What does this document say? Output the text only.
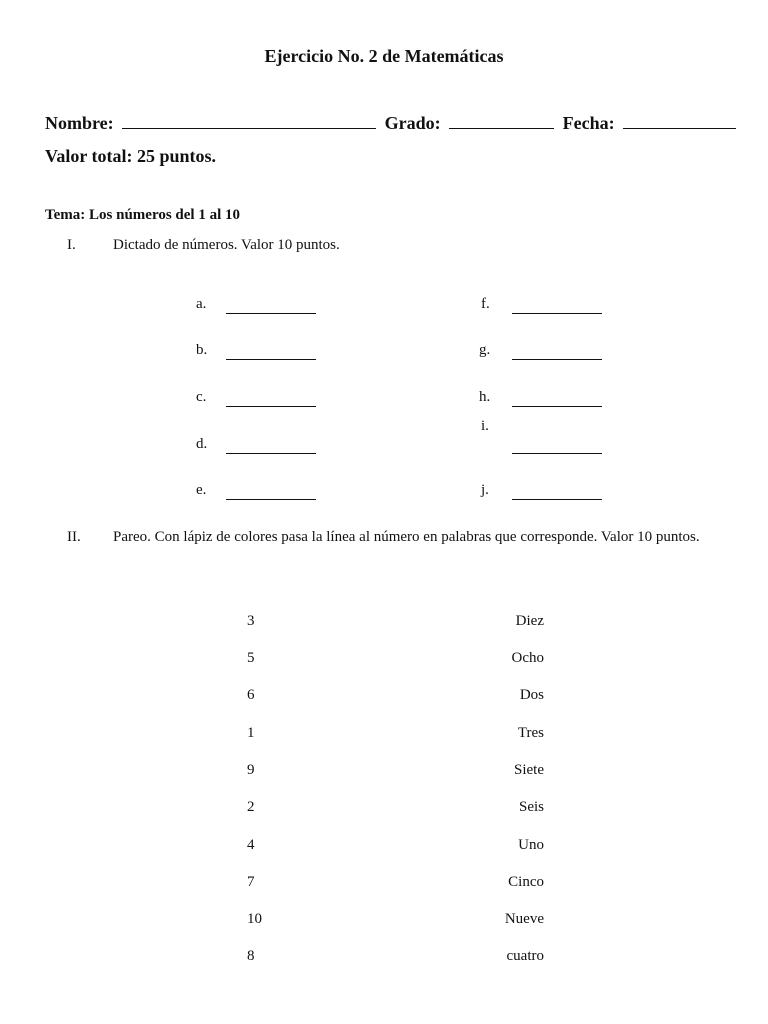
Ejercicio No. 2 de Matemáticas
Nombre:	Grado:	Fecha:
Valor total: 25 puntos.
Tema: Los números del 1 al 10
I. Dictado de números. Valor 10 puntos.
a.
b.
c.
d.
e.
f.
g.
h.
i.
j.
II. Pareo. Con lápiz de colores pasa la línea al número en palabras que corresponde. Valor 10 puntos.
3	Diez
5	Ocho
6	Dos
1	Tres
9	Siete
2	Seis
4	Uno
7	Cinco
10	Nueve
8	cuatro
